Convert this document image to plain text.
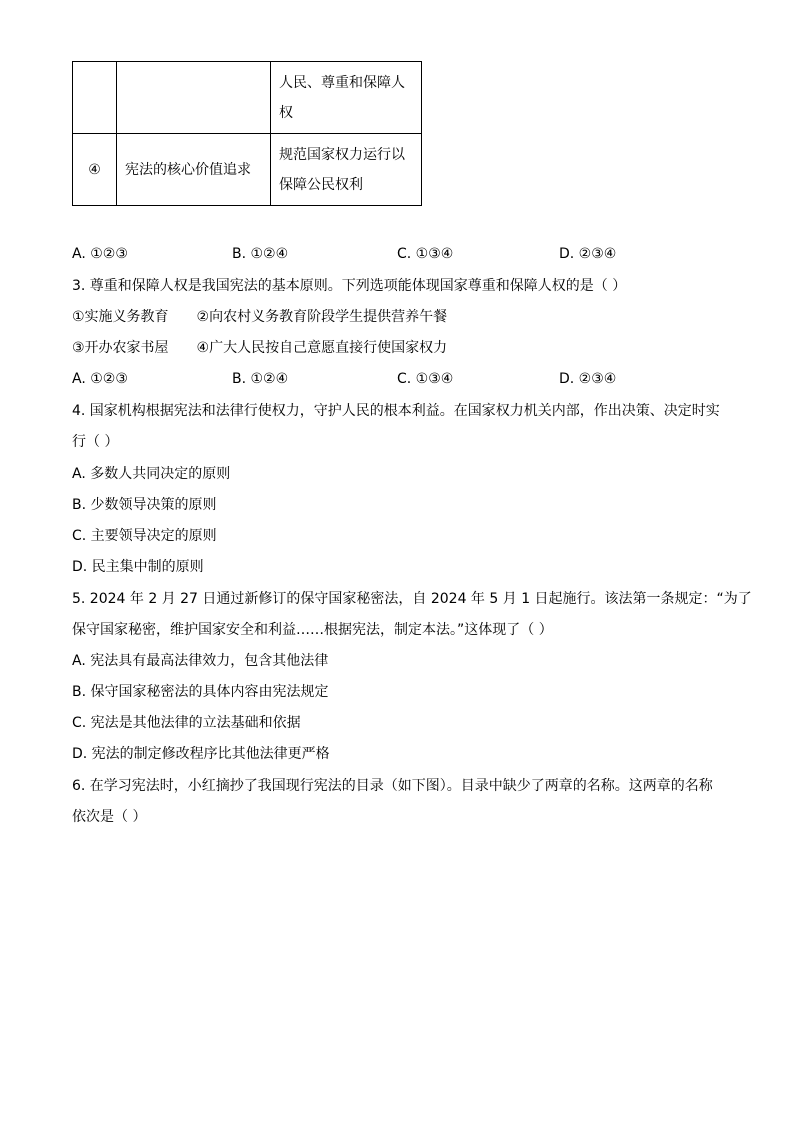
		人民、尊重和保障人
权

④	宪法的核心价值追求	规范国家权力运行以
保障公民权利
A. ①②③	B. ①②④	C. ①③④	D. ②③④
3. 尊重和保障人权是我国宪法的基本原则。下列选项能体现国家尊重和保障人权的是（ ）
①实施义务教育　　②向农村义务教育阶段学生提供营养午餐
③开办农家书屋　　④广大人民按自己意愿直接行使国家权力
A. ①②③	B. ①②④	C. ①③④	D. ②③④
4. 国家机构根据宪法和法律行使权力，守护人民的根本利益。在国家权力机关内部，作出决策、决定时实
行（ ）
A. 多数人共同决定的原则
B. 少数领导决策的原则
C. 主要领导决定的原则
D. 民主集中制的原则
5. 2024 年 2 月 27 日通过新修订的保守国家秘密法，自 2024 年 5 月 1 日起施行。该法第一条规定：“为了
保守国家秘密，维护国家安全和利益……根据宪法，制定本法。”这体现了（ ）
A. 宪法具有最高法律效力，包含其他法律
B. 保守国家秘密法的具体内容由宪法规定
C. 宪法是其他法律的立法基础和依据
D. 宪法的制定修改程序比其他法律更严格
6. 在学习宪法时，小红摘抄了我国现行宪法的目录（如下图）。目录中缺少了两章的名称。这两章的名称
依次是（ ）
